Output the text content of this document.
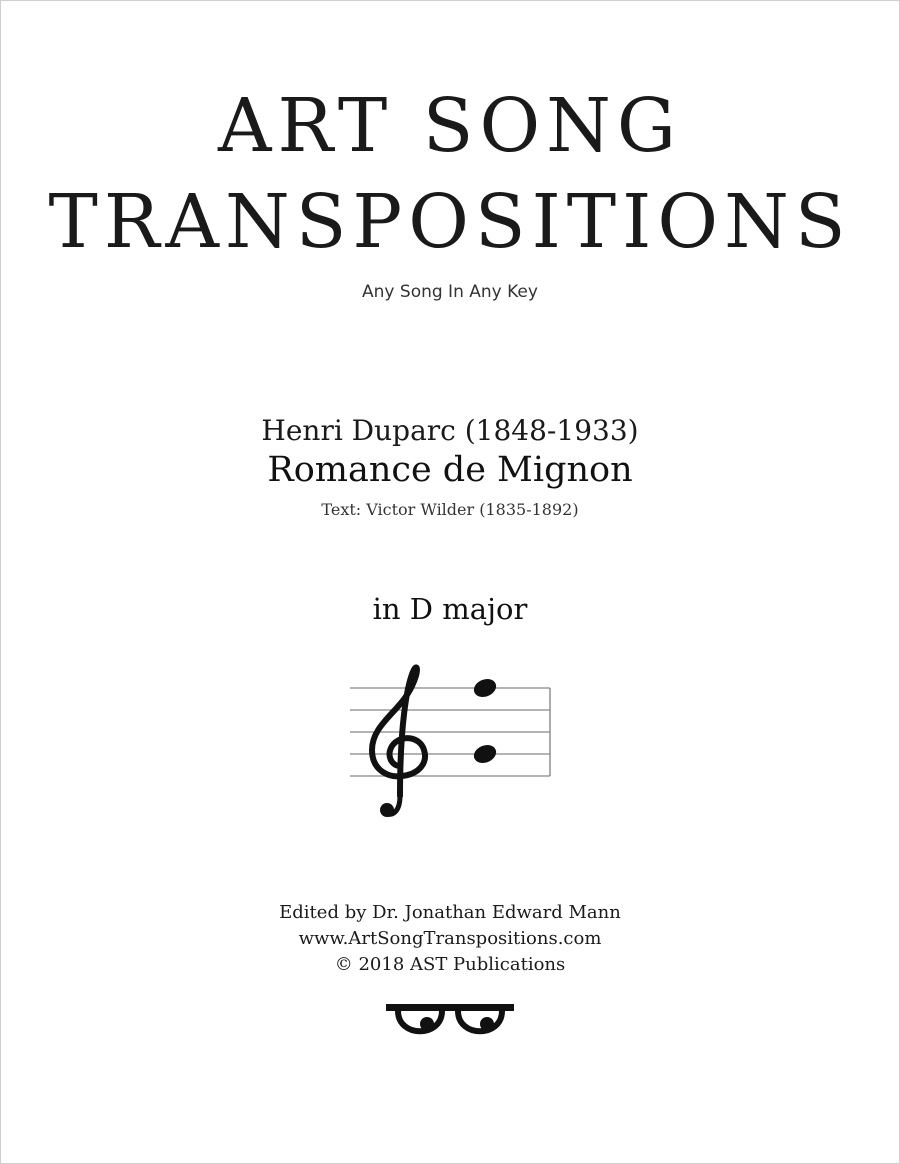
ART SONG
TRANSPOSITIONS
Any Song In Any Key
Henri Duparc (1848-1933)
Romance de Mignon
Text: Victor Wilder (1835-1892)
in D major
Edited by Dr. Jonathan Edward Mann
www.ArtSongTranspositions.com
© 2018 AST Publications
